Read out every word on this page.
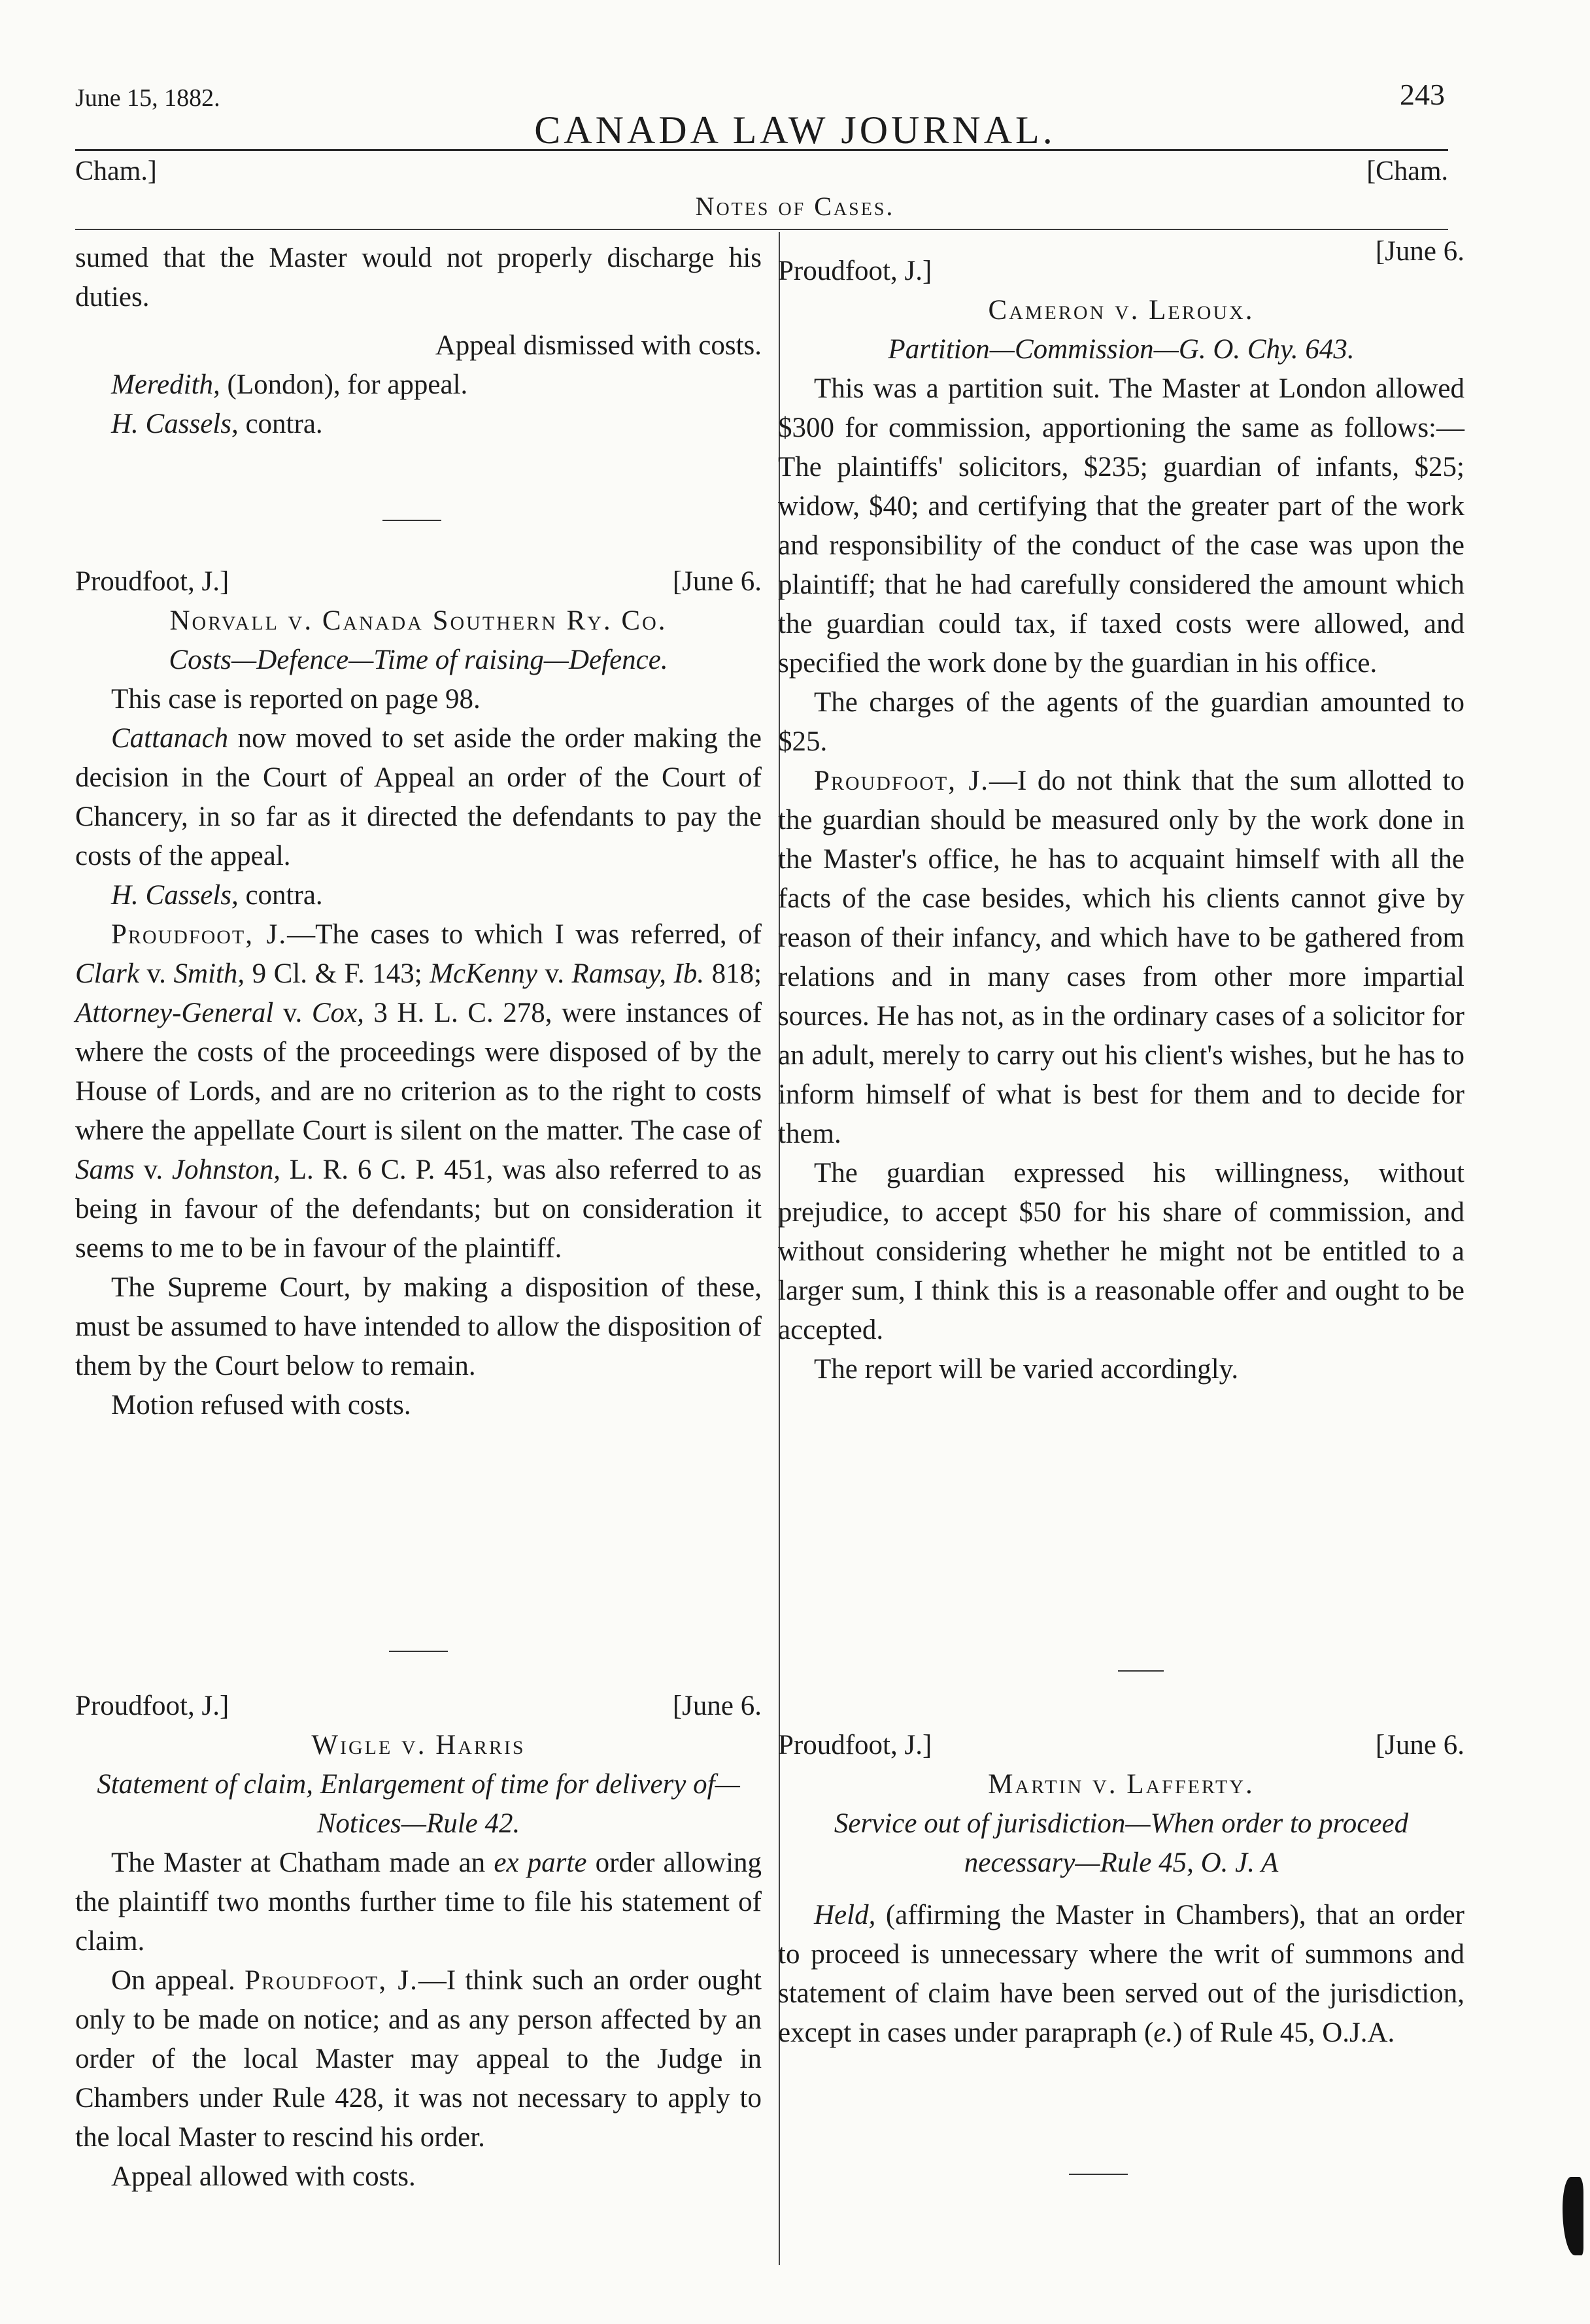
June 15, 1882.
CANADA LAW JOURNAL.
243
Cham.]	[Cham.
Notes of Cases.

sumed that the Master would not properly discharge his duties.

Appeal dismissed with costs.

Meredith, (London), for appeal.

H. Cassels, contra.

Proudfoot, J.]	[June 6.
Norvall v. Canada Southern Ry. Co.
Costs—Defence—Time of raising—Defence.

This case is reported on page 98.

Cattanach now moved to set aside the order making the decision in the Court of Appeal an order of the Court of Chancery, in so far as it directed the defendants to pay the costs of the appeal.

H. Cassels, contra.

Proudfoot, J.—The cases to which I was referred, of Clark v. Smith, 9 Cl. & F. 143; McKenny v. Ramsay, Ib. 818; Attorney-General v. Cox, 3 H. L. C. 278, were instances of where the costs of the proceedings were disposed of by the House of Lords, and are no criterion as to the right to costs where the appellate Court is silent on the matter. The case of Sams v. Johnston, L. R. 6 C. P. 451, was also referred to as being in favour of the defendants; but on consideration it seems to me to be in favour of the plaintiff.

The Supreme Court, by making a disposition of these, must be assumed to have intended to allow the disposition of them by the Court below to remain.

Motion refused with costs.

Proudfoot, J.]	[June 6.
Wigle v. Harris
Statement of claim, Enlargement of time for delivery of—Notices—Rule 42.

The Master at Chatham made an ex parte order allowing the plaintiff two months further time to file his statement of claim.

On appeal. Proudfoot, J.—I think such an order ought only to be made on notice; and as any person affected by an order of the local Master may appeal to the Judge in Chambers under Rule 428, it was not necessary to apply to the local Master to rescind his order.

Appeal allowed with costs.

Proudfoot, J.]
[June 6.
Cameron v. Leroux.
Partition—Commission—G. O. Chy. 643.

This was a partition suit. The Master at London allowed $300 for commission, apportioning the same as follows:—The plaintiffs' solicitors, $235; guardian of infants, $25; widow, $40; and certifying that the greater part of the work and responsibility of the conduct of the case was upon the plaintiff; that he had carefully considered the amount which the guardian could tax, if taxed costs were allowed, and specified the work done by the guardian in his office.

The charges of the agents of the guardian amounted to $25.

Proudfoot, J.—I do not think that the sum allotted to the guardian should be measured only by the work done in the Master's office, he has to acquaint himself with all the facts of the case besides, which his clients cannot give by reason of their infancy, and which have to be gathered from relations and in many cases from other more impartial sources. He has not, as in the ordinary cases of a solicitor for an adult, merely to carry out his client's wishes, but he has to inform himself of what is best for them and to decide for them.

The guardian expressed his willingness, without prejudice, to accept $50 for his share of commission, and without considering whether he might not be entitled to a larger sum, I think this is a reasonable offer and ought to be accepted.

The report will be varied accordingly.

Proudfoot, J.]	[June 6.
Martin v. Lafferty.
Service out of jurisdiction—When order to proceed necessary—Rule 45, O. J. A

Held, (affirming the Master in Chambers), that an order to proceed is unnecessary where the writ of summons and statement of claim have been served out of the jurisdiction, except in cases under parapraph (e.) of Rule 45, O.J.A.
